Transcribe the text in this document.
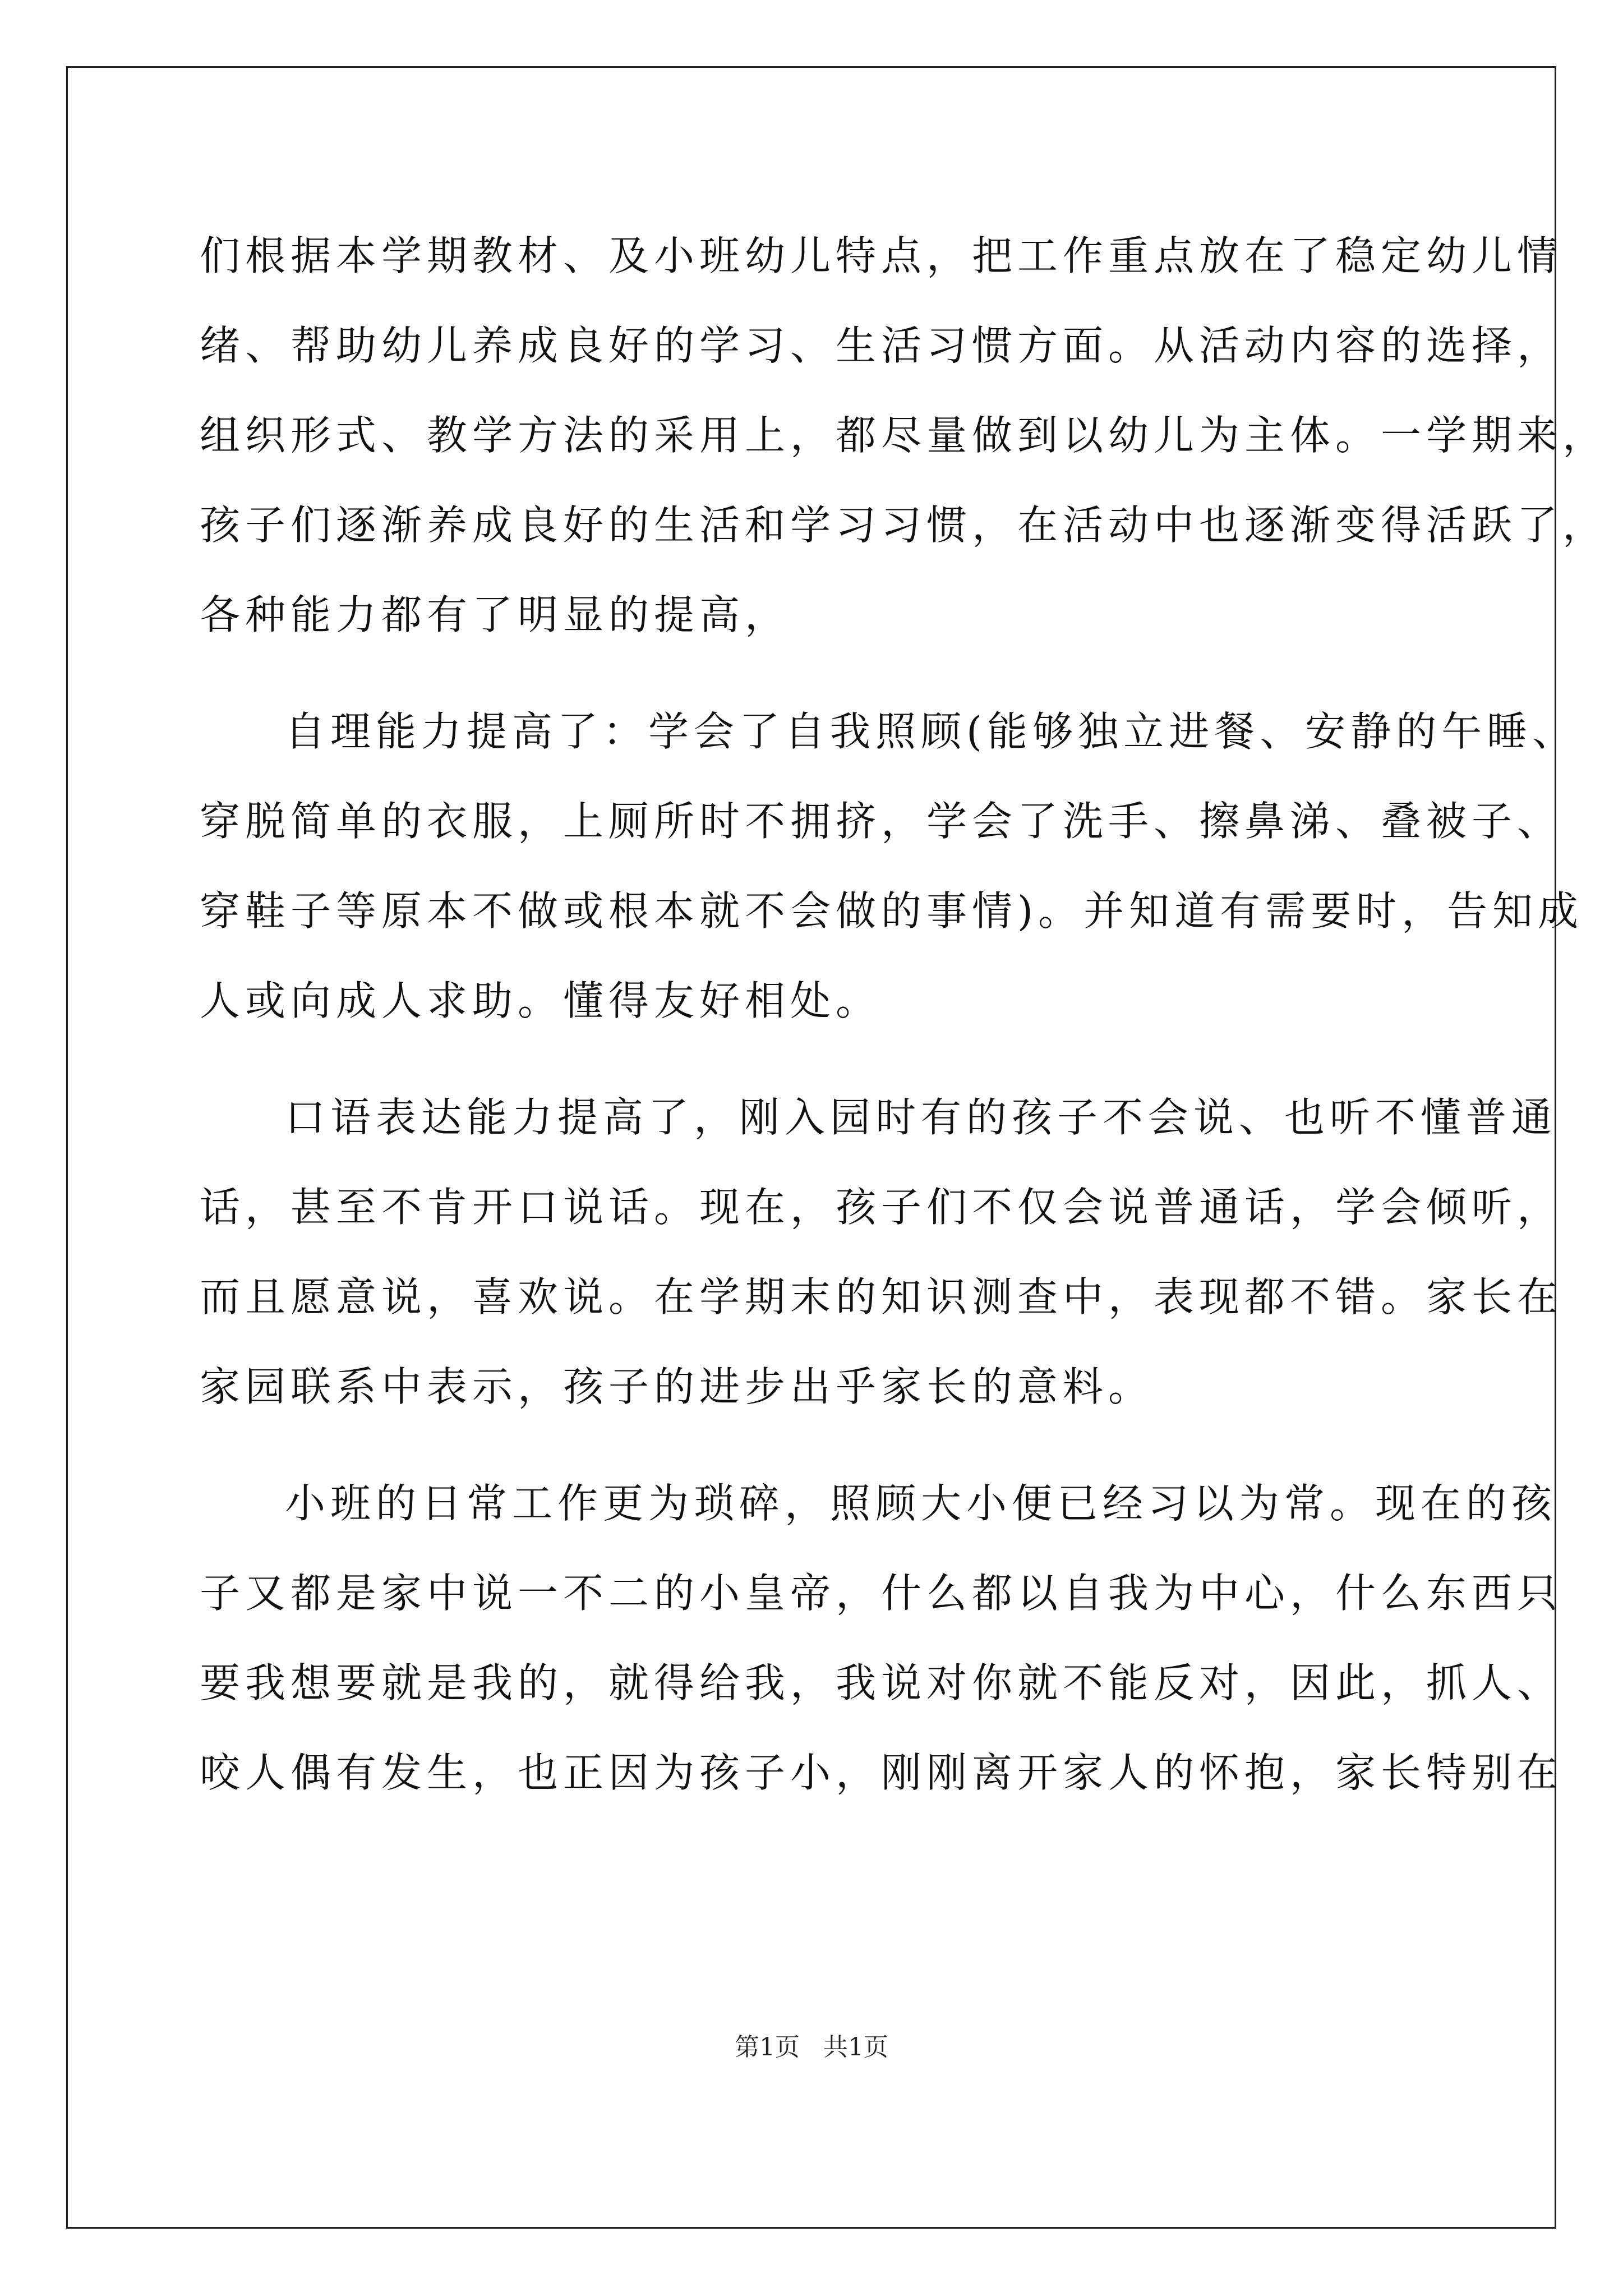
们根据本学期教材、及小班幼儿特点，把工作重点放在了稳定幼儿情
绪、帮助幼儿养成良好的学习、生活习惯方面。从活动内容的选择，
组织形式、教学方法的采用上，都尽量做到以幼儿为主体。一学期来，
孩子们逐渐养成良好的生活和学习习惯，在活动中也逐渐变得活跃了，
各种能力都有了明显的提高，
自理能力提高了：学会了自我照顾(能够独立进餐、安静的午睡、
穿脱简单的衣服，上厕所时不拥挤，学会了洗手、擦鼻涕、叠被子、
穿鞋子等原本不做或根本就不会做的事情)。并知道有需要时，告知成
人或向成人求助。懂得友好相处。
口语表达能力提高了，刚入园时有的孩子不会说、也听不懂普通
话，甚至不肯开口说话。现在，孩子们不仅会说普通话，学会倾听，
而且愿意说，喜欢说。在学期末的知识测查中，表现都不错。家长在
家园联系中表示，孩子的进步出乎家长的意料。
小班的日常工作更为琐碎，照顾大小便已经习以为常。现在的孩
子又都是家中说一不二的小皇帝，什么都以自我为中心，什么东西只
要我想要就是我的，就得给我，我说对你就不能反对，因此，抓人、
咬人偶有发生，也正因为孩子小，刚刚离开家人的怀抱，家长特别在
第1页 共1页
